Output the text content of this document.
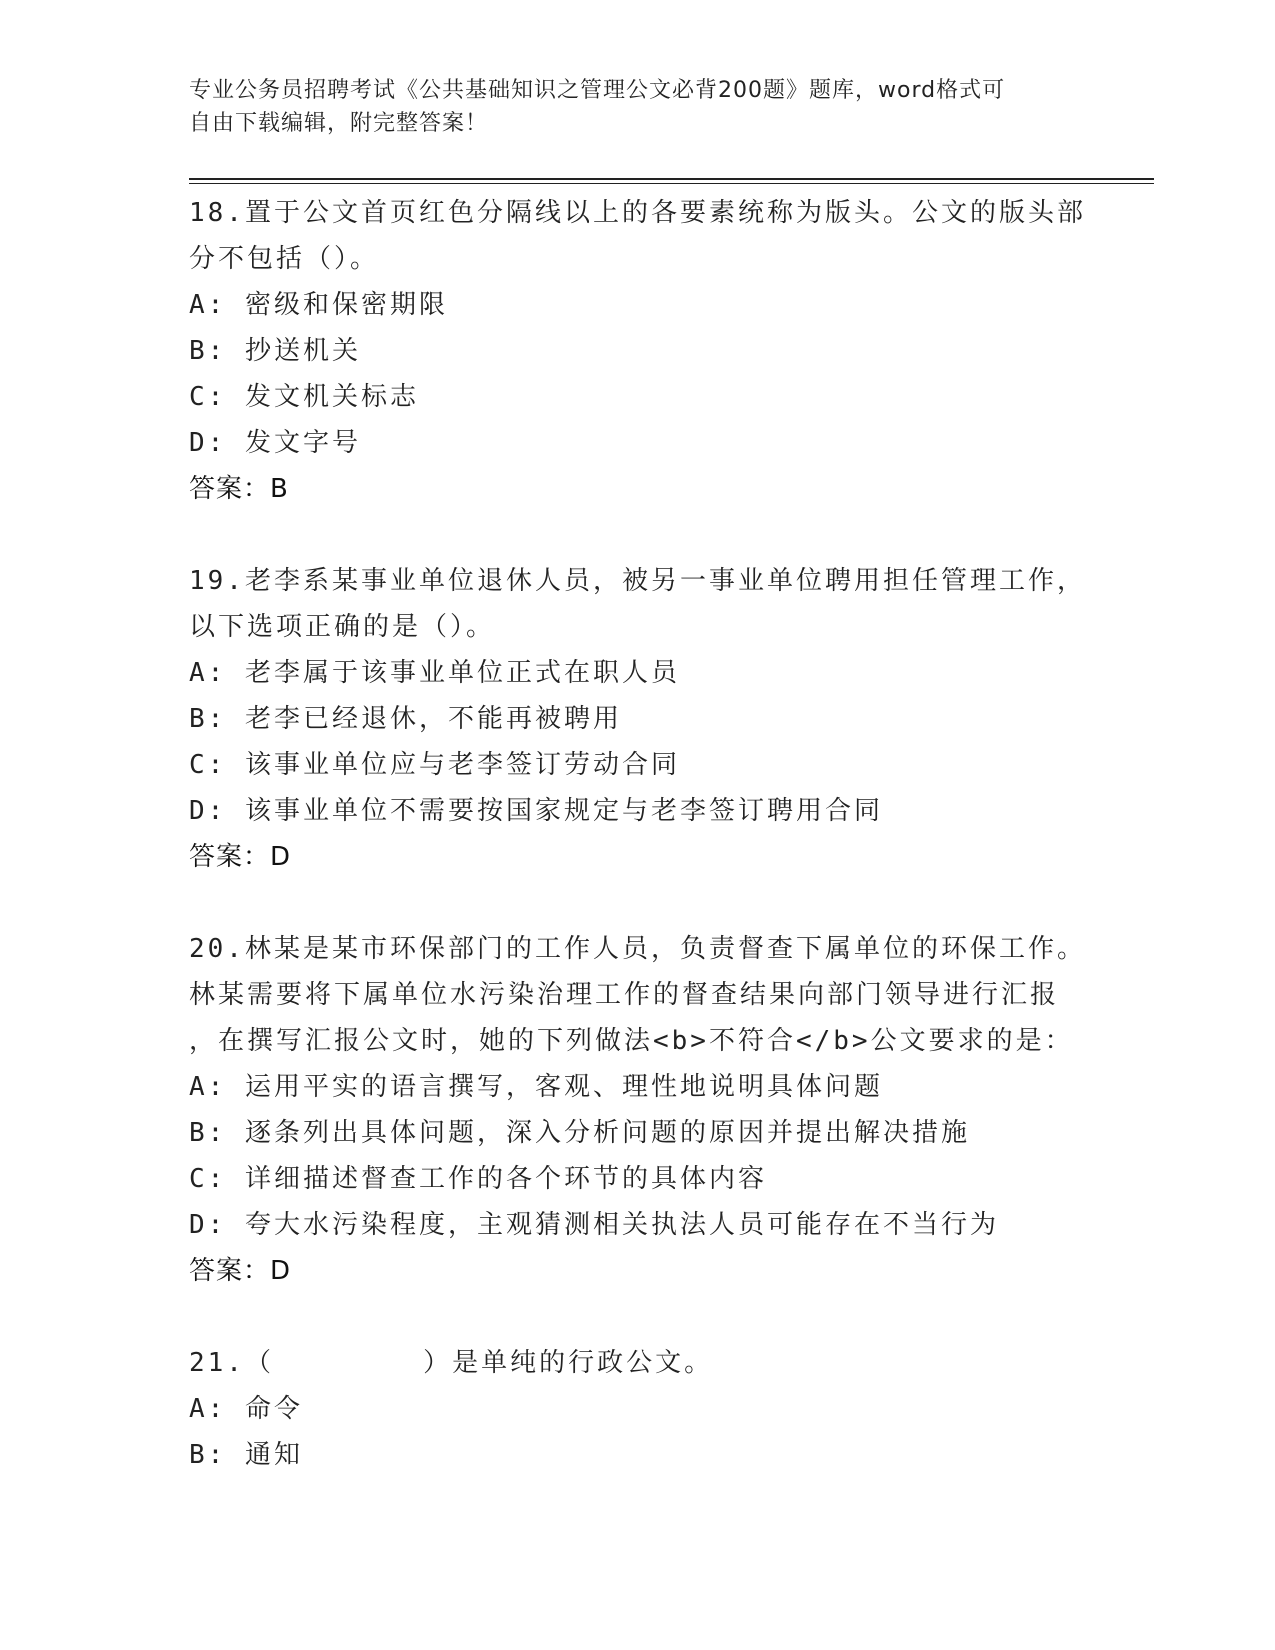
专业公务员招聘考试《公共基础知识之管理公文必背200题》题库，word格式可
自由下载编辑，附完整答案！
18.置于公文首页红色分隔线以上的各要素统称为版头。公文的版头部
分不包括（）。
A: 密级和保密期限
B: 抄送机关
C: 发文机关标志
D: 发文字号
答案：B
19.老李系某事业单位退休人员，被另一事业单位聘用担任管理工作，
以下选项正确的是（）。
A: 老李属于该事业单位正式在职人员
B: 老李已经退休，不能再被聘用
C: 该事业单位应与老李签订劳动合同
D: 该事业单位不需要按国家规定与老李签订聘用合同
答案：D
20.林某是某市环保部门的工作人员，负责督查下属单位的环保工作。
林某需要将下属单位水污染治理工作的督查结果向部门领导进行汇报
，在撰写汇报公文时，她的下列做法<b>不符合</b>公文要求的是：
A: 运用平实的语言撰写，客观、理性地说明具体问题
B: 逐条列出具体问题，深入分析问题的原因并提出解决措施
C: 详细描述督查工作的各个环节的具体内容
D: 夸大水污染程度，主观猜测相关执法人员可能存在不当行为
答案：D
21.（        ）是单纯的行政公文。
A: 命令
B: 通知
